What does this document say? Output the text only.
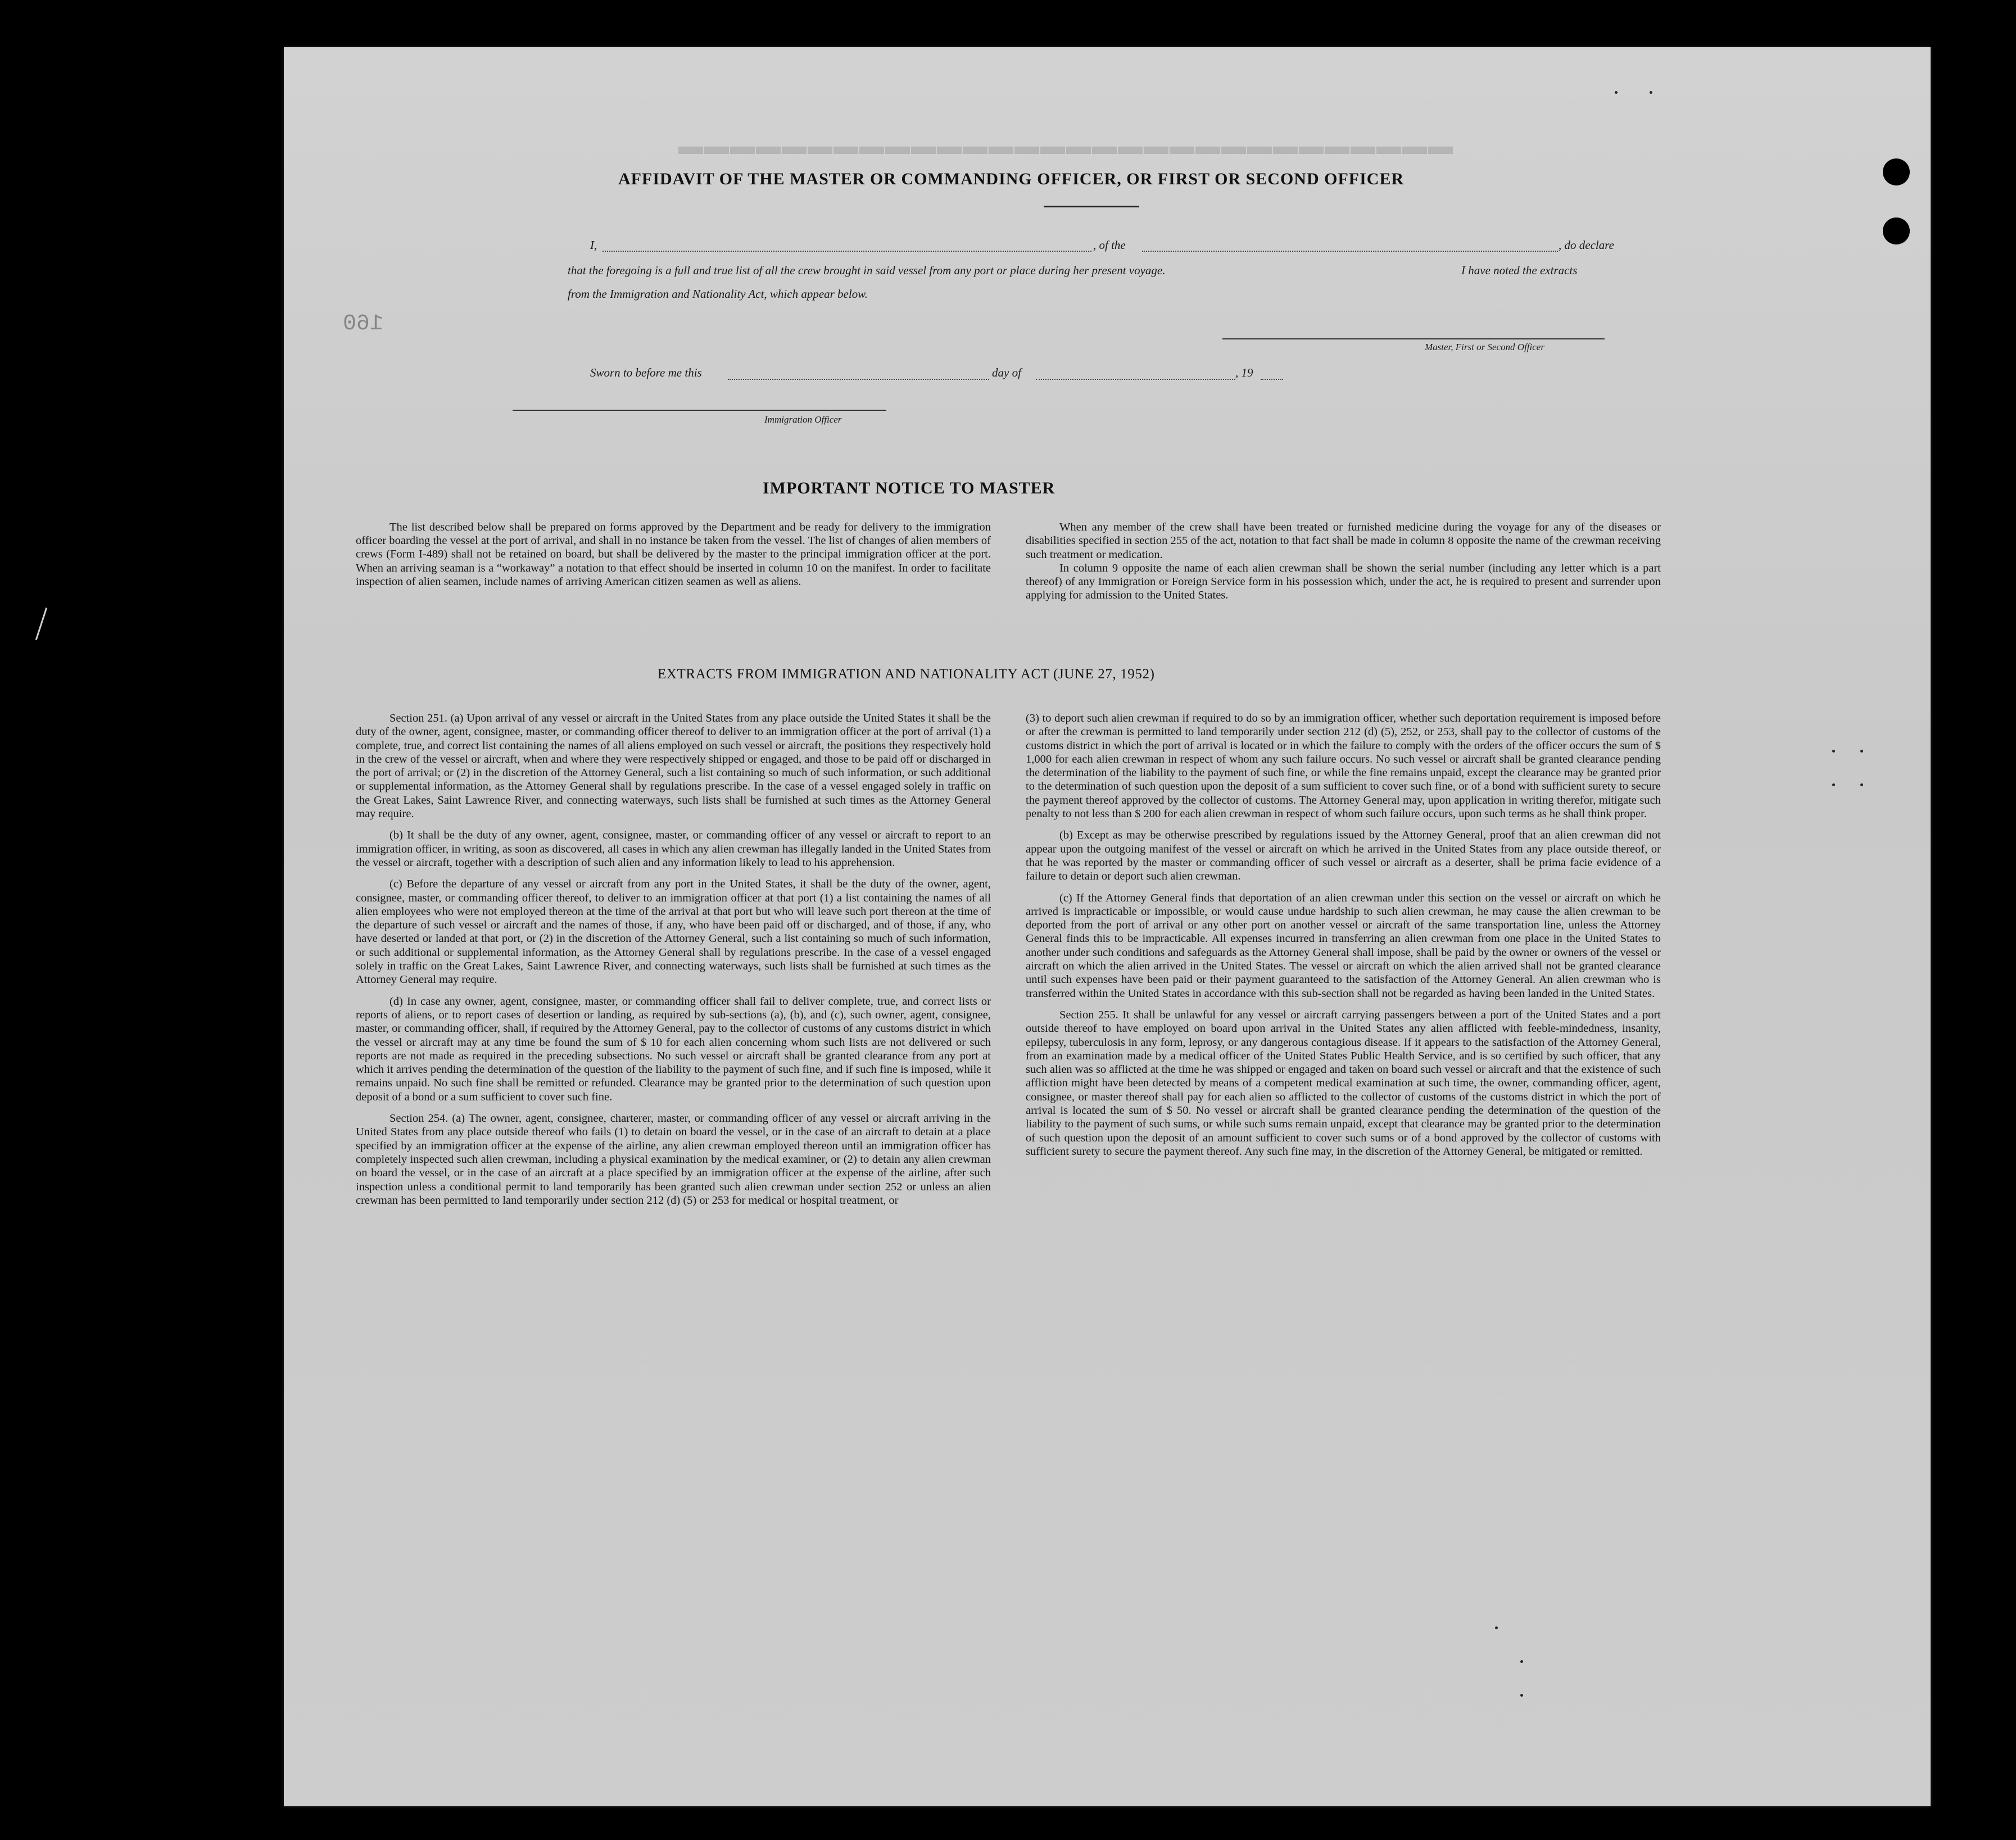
▬▬▬▬▬▬▬▬▬▬▬▬▬▬▬▬▬▬▬▬▬▬▬▬▬▬▬▬▬▬
160
AFFIDAVIT OF THE MASTER OR COMMANDING OFFICER, OR FIRST OR SECOND OFFICER
I,	, of the	, do declare
that the foregoing is a full and true list of all the crew brought in said vessel from any port or place during her present voyage.	I have noted the extracts
from the Immigration and Nationality Act, which appear below.
Master, First or Second Officer
Sworn to before me this	day of	, 19
Immigration Officer
IMPORTANT NOTICE TO MASTER

The list described below shall be prepared on forms approved by the Department and be ready for delivery to the immigration officer boarding the vessel at the port of arrival, and shall in no instance be taken from the vessel. The list of changes of alien members of crews (Form I-489) shall not be retained on board, but shall be delivered by the master to the principal immigration officer at the port. When an arriving seaman is a “workaway” a notation to that effect should be inserted in column 10 on the manifest. In order to facilitate inspection of alien seamen, include names of arriving American citizen seamen as well as aliens.

When any member of the crew shall have been treated or furnished medicine during the voyage for any of the diseases or disabilities specified in section 255 of the act, notation to that fact shall be made in column 8 opposite the name of the crewman receiving such treatment or medication.

In column 9 opposite the name of each alien crewman shall be shown the serial number (including any letter which is a part thereof) of any Immigration or Foreign Service form in his possession which, under the act, he is required to present and surrender upon applying for admission to the United States.

EXTRACTS FROM IMMIGRATION AND NATIONALITY ACT (JUNE 27, 1952)

Section 251. (a) Upon arrival of any vessel or aircraft in the United States from any place outside the United States it shall be the duty of the owner, agent, consignee, master, or commanding officer thereof to deliver to an immigration officer at the port of arrival (1) a complete, true, and correct list containing the names of all aliens employed on such vessel or aircraft, the positions they respectively hold in the crew of the vessel or aircraft, when and where they were respectively shipped or engaged, and those to be paid off or discharged in the port of arrival; or (2) in the discretion of the Attorney General, such a list containing so much of such information, or such additional or supplemental information, as the Attorney General shall by regulations prescribe. In the case of a vessel engaged solely in traffic on the Great Lakes, Saint Lawrence River, and connecting waterways, such lists shall be furnished at such times as the Attorney General may require.

(b) It shall be the duty of any owner, agent, consignee, master, or commanding officer of any vessel or aircraft to report to an immigration officer, in writing, as soon as discovered, all cases in which any alien crewman has illegally landed in the United States from the vessel or aircraft, together with a description of such alien and any information likely to lead to his apprehension.

(c) Before the departure of any vessel or aircraft from any port in the United States, it shall be the duty of the owner, agent, consignee, master, or commanding officer thereof, to deliver to an immigration officer at that port (1) a list containing the names of all alien employees who were not employed thereon at the time of the arrival at that port but who will leave such port thereon at the time of the departure of such vessel or aircraft and the names of those, if any, who have been paid off or discharged, and of those, if any, who have deserted or landed at that port, or (2) in the discretion of the Attorney General, such a list containing so much of such information, or such additional or supplemental information, as the Attorney General shall by regulations prescribe. In the case of a vessel engaged solely in traffic on the Great Lakes, Saint Lawrence River, and connecting waterways, such lists shall be furnished at such times as the Attorney General may require.

(d) In case any owner, agent, consignee, master, or commanding officer shall fail to deliver complete, true, and correct lists or reports of aliens, or to report cases of desertion or landing, as required by sub-sections (a), (b), and (c), such owner, agent, consignee, master, or commanding officer, shall, if required by the Attorney General, pay to the collector of customs of any customs district in which the vessel or aircraft may at any time be found the sum of $ 10 for each alien concerning whom such lists are not delivered or such reports are not made as required in the preceding subsections. No such vessel or aircraft shall be granted clearance from any port at which it arrives pending the determination of the question of the liability to the payment of such fine, and if such fine is imposed, while it remains unpaid. No such fine shall be remitted or refunded. Clearance may be granted prior to the determination of such question upon deposit of a bond or a sum sufficient to cover such fine.

Section 254. (a) The owner, agent, consignee, charterer, master, or commanding officer of any vessel or aircraft arriving in the United States from any place outside thereof who fails (1) to detain on board the vessel, or in the case of an aircraft to detain at a place specified by an immigration officer at the expense of the airline, any alien crewman employed thereon until an immigration officer has completely inspected such alien crewman, including a physical examination by the medical examiner, or (2) to detain any alien crewman on board the vessel, or in the case of an aircraft at a place specified by an immigration officer at the expense of the airline, after such inspection unless a conditional permit to land temporarily has been granted such alien crewman under section 252 or unless an alien crewman has been permitted to land temporarily under section 212 (d) (5) or 253 for medical or hospital treatment, or

(3) to deport such alien crewman if required to do so by an immigration officer, whether such deportation requirement is imposed before or after the crewman is permitted to land temporarily under section 212 (d) (5), 252, or 253, shall pay to the collector of customs of the customs district in which the port of arrival is located or in which the failure to comply with the orders of the officer occurs the sum of $ 1,000 for each alien crewman in respect of whom any such failure occurs. No such vessel or aircraft shall be granted clearance pending the determination of the liability to the payment of such fine, or while the fine remains unpaid, except the clearance may be granted prior to the determination of such question upon the deposit of a sum sufficient to cover such fine, or of a bond with sufficient surety to secure the payment thereof approved by the collector of customs. The Attorney General may, upon application in writing therefor, mitigate such penalty to not less than $ 200 for each alien crewman in respect of whom such failure occurs, upon such terms as he shall think proper.

(b) Except as may be otherwise prescribed by regulations issued by the Attorney General, proof that an alien crewman did not appear upon the outgoing manifest of the vessel or aircraft on which he arrived in the United States from any place outside thereof, or that he was reported by the master or commanding officer of such vessel or aircraft as a deserter, shall be prima facie evidence of a failure to detain or deport such alien crewman.

(c) If the Attorney General finds that deportation of an alien crewman under this section on the vessel or aircraft on which he arrived is impracticable or impossible, or would cause undue hardship to such alien crewman, he may cause the alien crewman to be deported from the port of arrival or any other port on another vessel or aircraft of the same transportation line, unless the Attorney General finds this to be impracticable. All expenses incurred in transferring an alien crewman from one place in the United States to another under such conditions and safeguards as the Attorney General shall impose, shall be paid by the owner or owners of the vessel or aircraft on which the alien arrived in the United States. The vessel or aircraft on which the alien arrived shall not be granted clearance until such expenses have been paid or their payment guaranteed to the satisfaction of the Attorney General. An alien crewman who is transferred within the United States in accordance with this sub-section shall not be regarded as having been landed in the United States.

Section 255. It shall be unlawful for any vessel or aircraft carrying passengers between a port of the United States and a port outside thereof to have employed on board upon arrival in the United States any alien afflicted with feeble-mindedness, insanity, epilepsy, tuberculosis in any form, leprosy, or any dangerous contagious disease. If it appears to the satisfaction of the Attorney General, from an examination made by a medical officer of the United States Public Health Service, and is so certified by such officer, that any such alien was so afflicted at the time he was shipped or engaged and taken on board such vessel or aircraft and that the existence of such affliction might have been detected by means of a competent medical examination at such time, the owner, commanding officer, agent, consignee, or master thereof shall pay for each alien so afflicted to the collector of customs of the customs district in which the port of arrival is located the sum of $ 50. No vessel or aircraft shall be granted clearance pending the determination of the question of the liability to the payment of such sums, or while such sums remain unpaid, except that clearance may be granted prior to the determination of such question upon the deposit of an amount sufficient to cover such sums or of a bond approved by the collector of customs with sufficient surety to secure the payment thereof. Any such fine may, in the discretion of the Attorney General, be mitigated or remitted.
